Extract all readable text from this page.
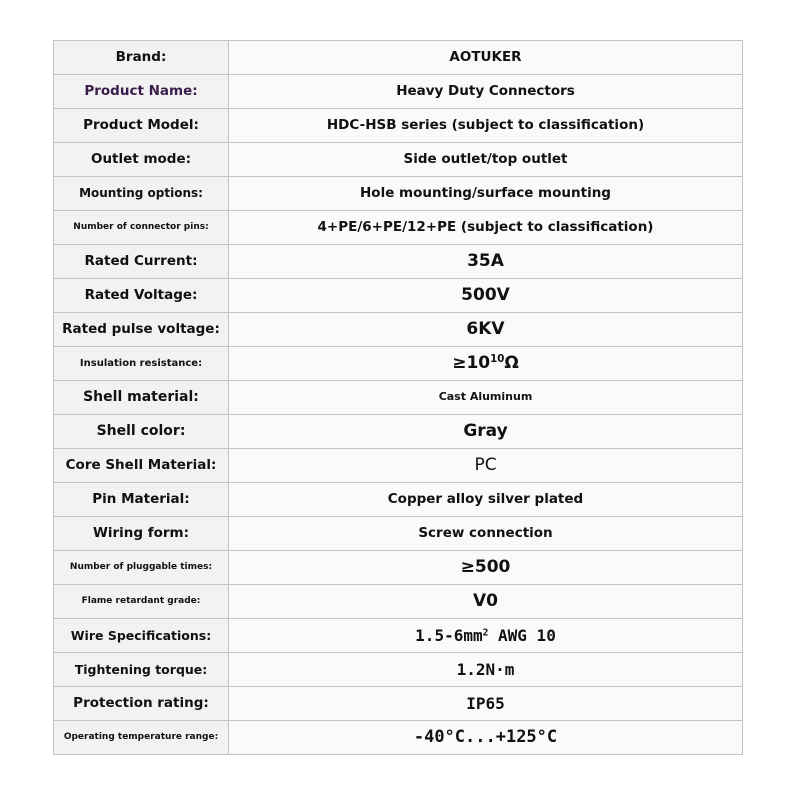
Brand:	AOTUKER
Product Name:	Heavy Duty Connectors
Product Model:	HDC-HSB series (subject to classification)
Outlet mode:	Side outlet/top outlet
Mounting options:	Hole mounting/surface mounting
Number of connector pins:	4+PE/6+PE/12+PE (subject to classification)
Rated Current:	35A
Rated Voltage:	500V
Rated pulse voltage:	6KV
Insulation resistance:	$\ge 10^{10}\Omega$
Shell material:	Cast Aluminum
Shell color:	Gray
Core Shell Material:	PC
Pin Material:	Copper alloy silver plated
Wiring form:	Screw connection
Number of pluggable times:	≥500
Flame retardant grade:	V0
Wire Specifications:	$1.5-6mm^2$ AWG 10
Tightening torque:	1.2N·m
Protection rating:	IP65
Operating temperature range:	-40°C...+125°C
